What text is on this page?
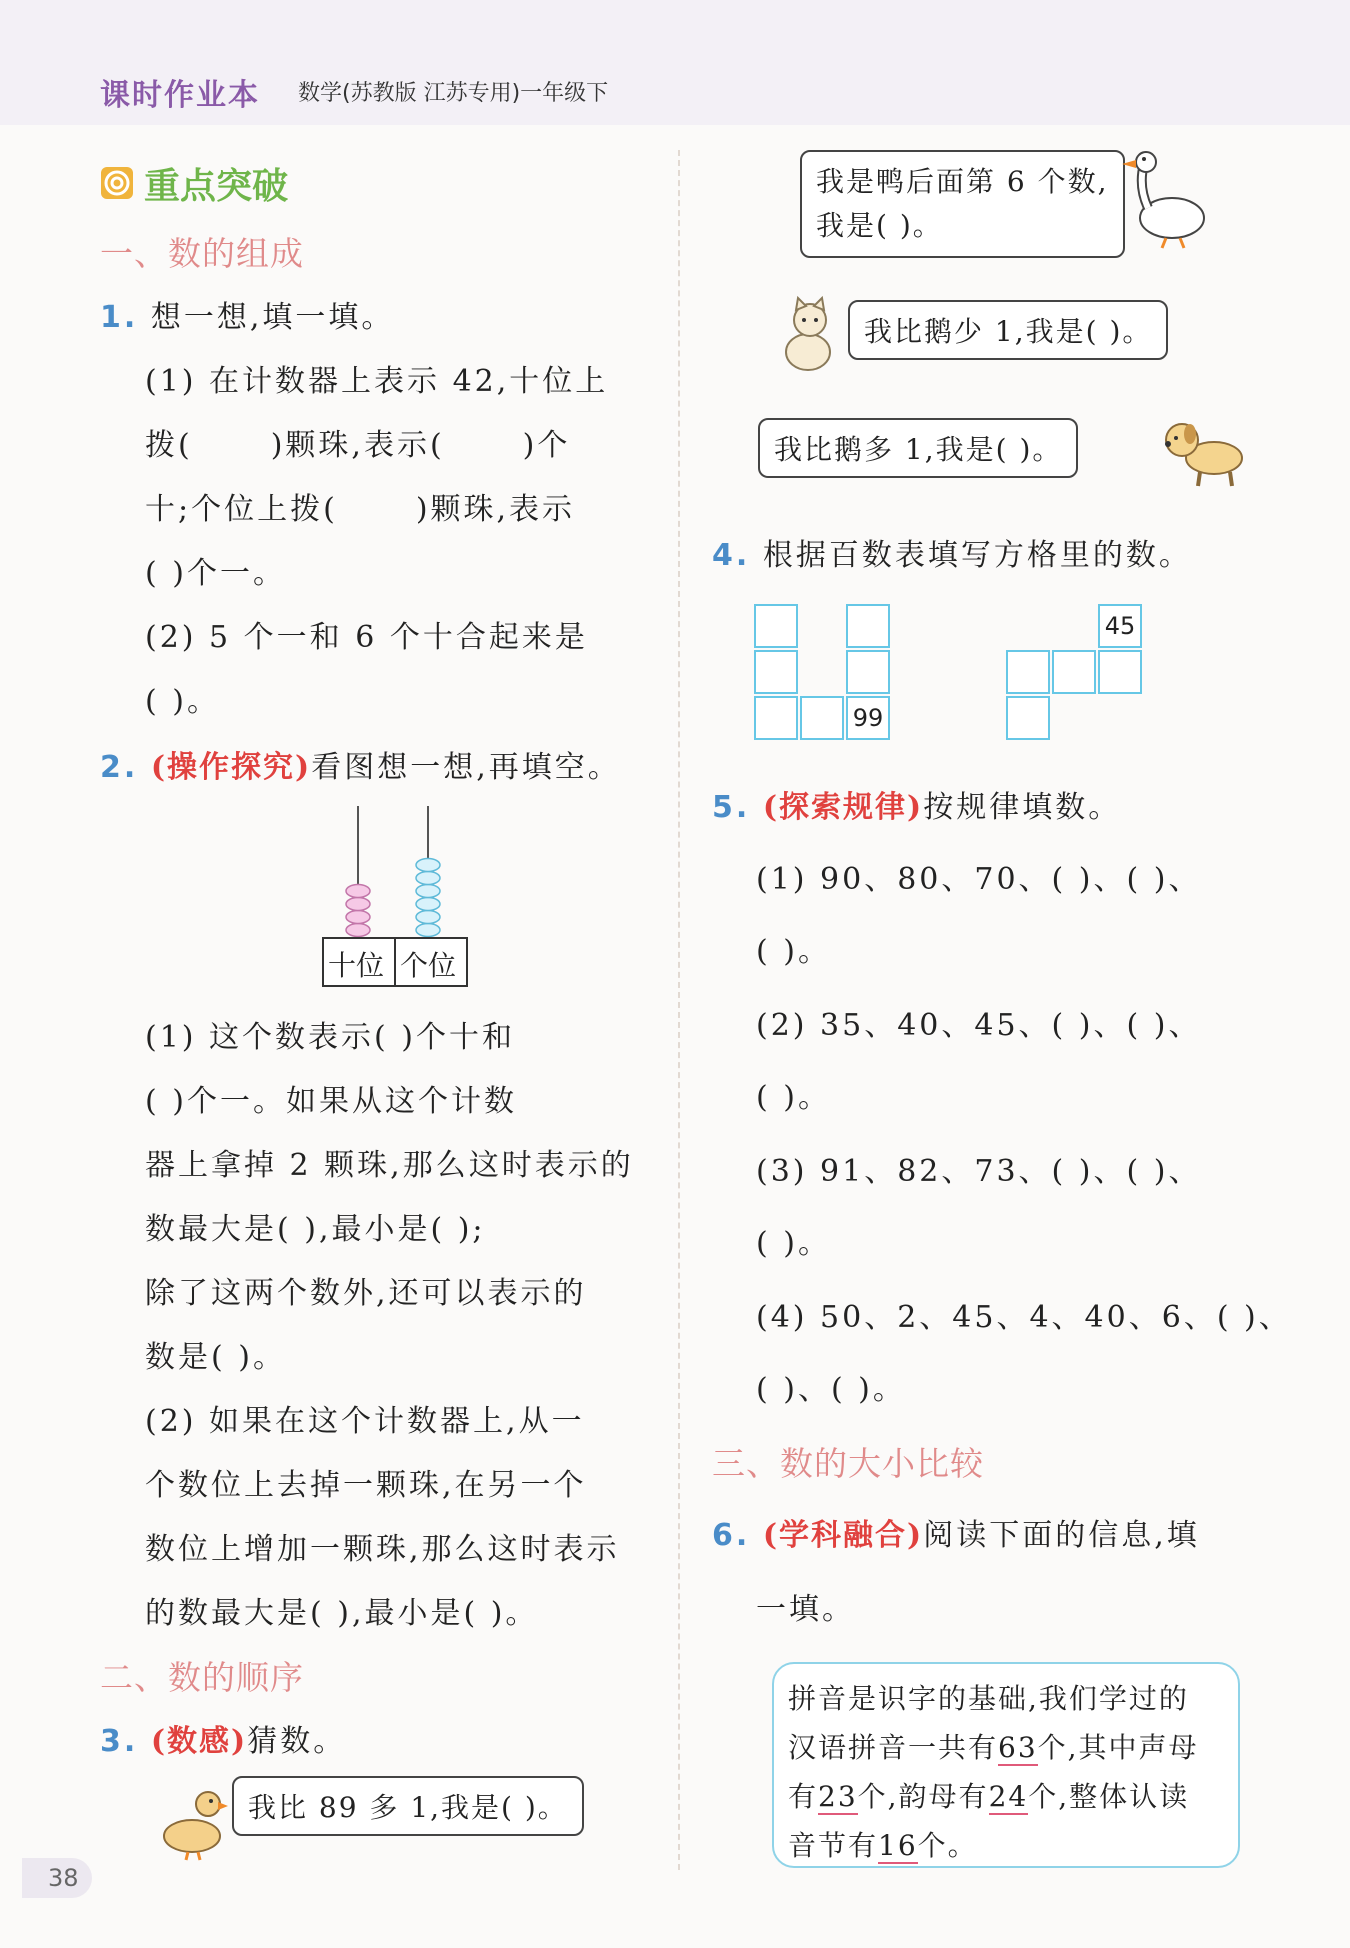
课时作业本 数学(苏教版 江苏专用)一年级下
重点突破
一、数的组成
1. 想一想,填一填。
(1) 在计数器上表示 42,十位上
拨(	)颗珠,表示(	)个
十;个位上拨(	)颗珠,表示
( )个一。
(2) 5 个一和 6 个十合起来是
( )。
2. (操作探究)看图想一想,再填空。
十位 个位
(1) 这个数表示( )个十和
( )个一。如果从这个计数
器上拿掉 2 颗珠,那么这时表示的
数最大是( ),最小是( );
除了这两个数外,还可以表示的
数是( )。
(2) 如果在这个计数器上,从一
个数位上去掉一颗珠,在另一个
数位上增加一颗珠,那么这时表示
的数最大是( ),最小是( )。
二、数的顺序
3. (数感)猜数。
我比 89 多 1,我是( )。
我是鸭后面第 6 个数,
我是( )。
我比鹅少 1,我是( )。
我比鹅多 1,我是( )。
4. 根据百数表填写方格里的数。
99
45
5. (探索规律)按规律填数。
(1) 90、80、70、( )、( )、
( )。
(2) 35、40、45、( )、( )、
( )。
(3) 91、82、73、( )、( )、
( )。
(4) 50、2、45、4、40、6、( )、
( )、( )。
三、数的大小比较
6. (学科融合)阅读下面的信息,填
一填。
拼音是识字的基础,我们学过的
汉语拼音一共有63个,其中声母
有23个,韵母有24个,整体认读
音节有16个。
38
